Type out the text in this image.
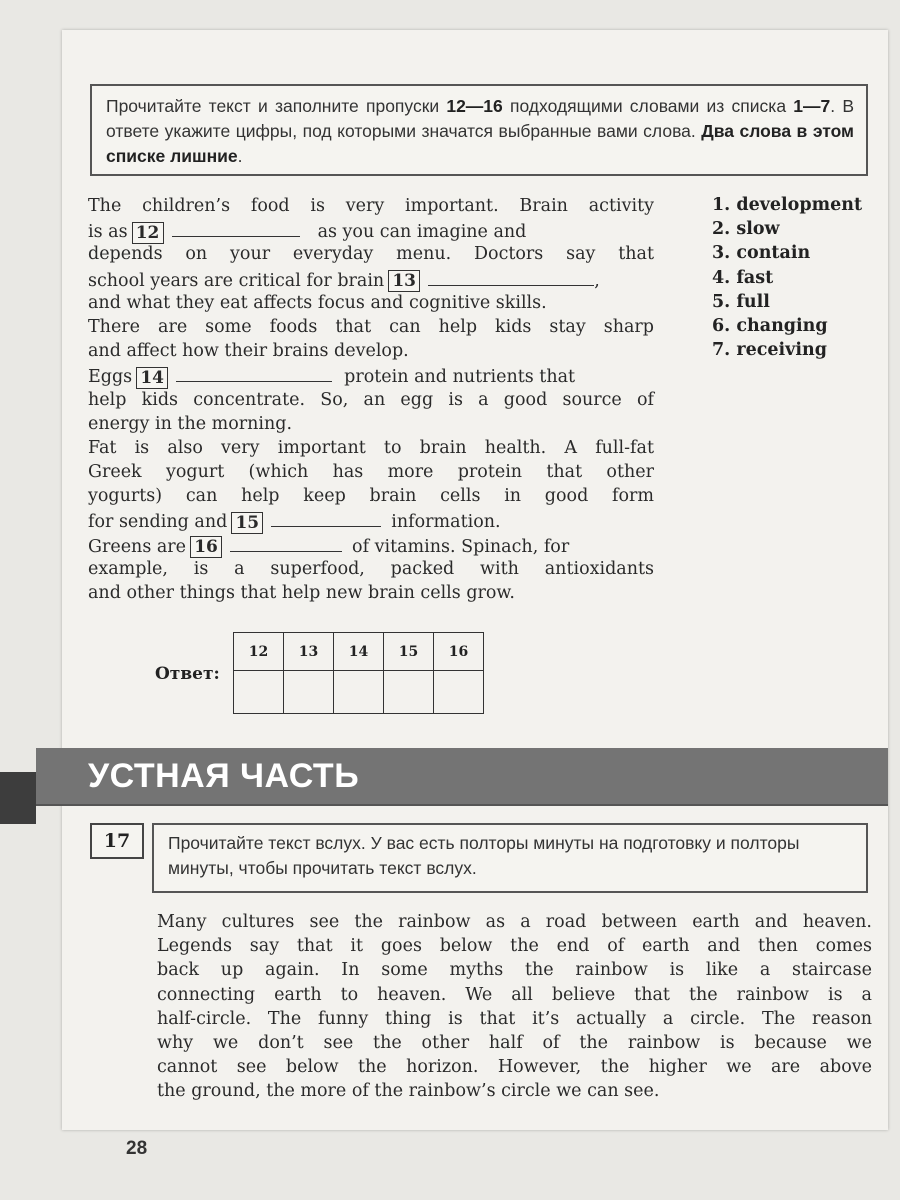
Прочитайте текст и заполните пропуски 12—16 подходящими словами из списка 1—7. В ответе укажите цифры, под которыми значатся выбранные вами слова. Два слова в этом списке лишние.
The children’s food is very important. Brain activity
is as 12	as you can imagine and
depends on your everyday menu. Doctors say that
school years are critical for brain 13	,
and what they eat affects focus and cognitive skills.
There are some foods that can help kids stay sharp
and affect how their brains develop.
Eggs 14	protein and nutrients that
help kids concentrate. So, an egg is a good source of
energy in the morning.
Fat is also very important to brain health. A full-fat
Greek yogurt (which has more protein that other
yogurts) can help keep brain cells in good form
for sending and 15	information.
Greens are 16	of vitamins. Spinach, for
example, is a superfood, packed with antioxidants
and other things that help new brain cells grow.
1. development
2. slow
3. contain
4. fast
5. full
6. changing
7. receiving
Ответ:
12	13	14	15	16

УСТНАЯ ЧАСТЬ
17	Прочитайте текст вслух. У вас есть полторы минуты на подготовку и полторы минуты, чтобы прочитать текст вслух.
Many cultures see the rainbow as a road between earth and heaven.
Legends say that it goes below the end of earth and then comes
back up again. In some myths the rainbow is like a staircase
connecting earth to heaven. We all believe that the rainbow is a
half-circle. The funny thing is that it’s actually a circle. The reason
why we don’t see the other half of the rainbow is because we
cannot see below the horizon. However, the higher we are above
the ground, the more of the rainbow’s circle we can see.
28
